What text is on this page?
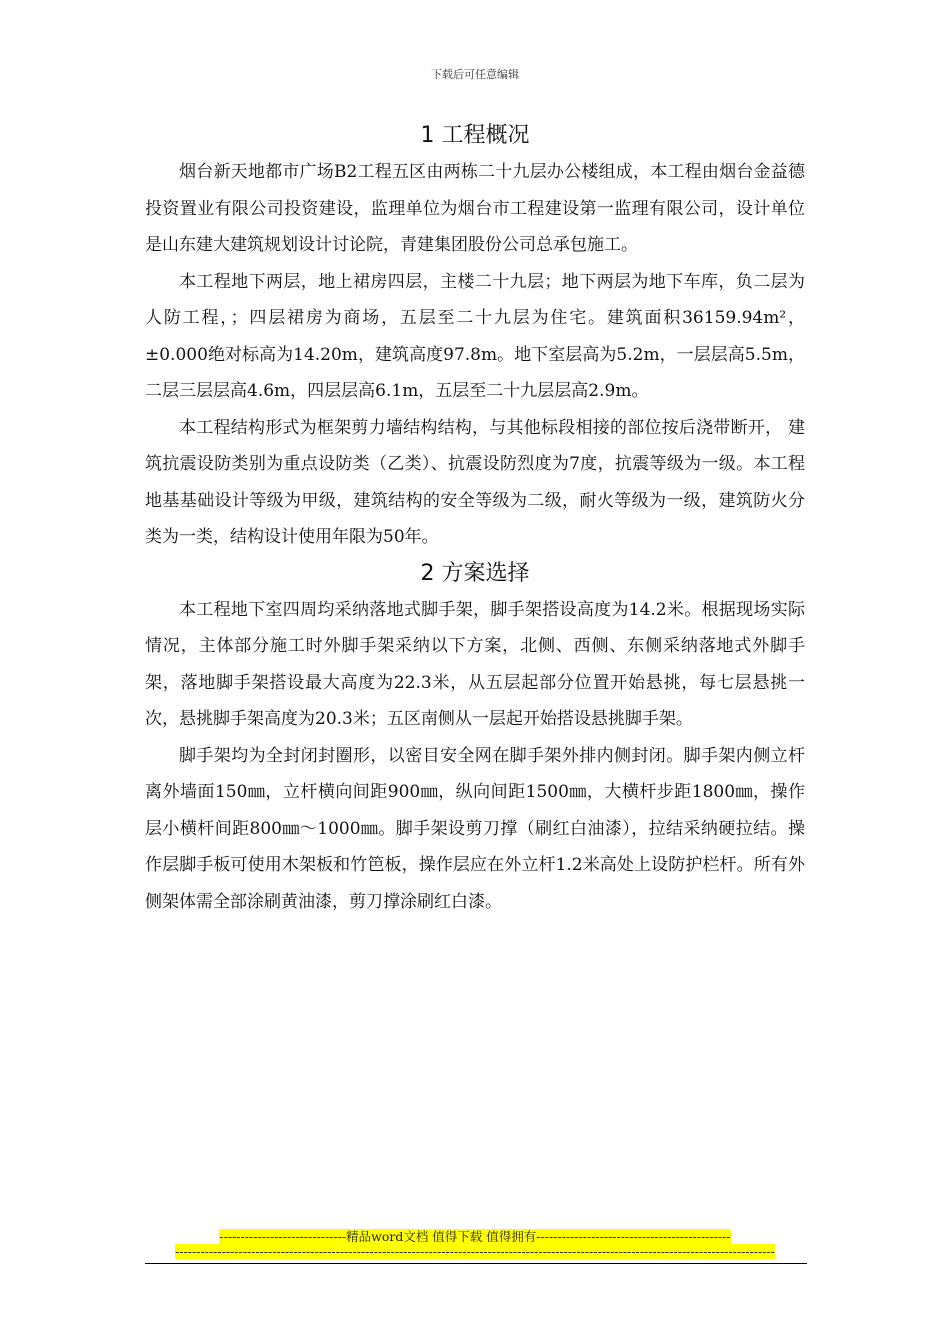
下载后可任意编辑
1 工程概况

烟台新天地都市广场B2工程五区由两栋二十九层办公楼组成，本工程由烟台金益德投资置业有限公司投资建设，监理单位为烟台市工程建设第一监理有限公司，设计单位是山东建大建筑规划设计讨论院，青建集团股份公司总承包施工。

本工程地下两层，地上裙房四层，主楼二十九层；地下两层为地下车库，负二层为人防工程，；四层裙房为商场，五层至二十九层为住宅。建筑面积36159.94m²，±0.000绝对标高为14.20m，建筑高度97.8m。地下室层高为5.2m，一层层高5.5m，二层三层层高4.6m，四层层高6.1m，五层至二十九层层高2.9m。

本工程结构形式为框架剪力墙结构结构，与其他标段相接的部位按后浇带断开， 建筑抗震设防类别为重点设防类（乙类）、抗震设防烈度为7度，抗震等级为一级。本工程地基基础设计等级为甲级，建筑结构的安全等级为二级，耐火等级为一级，建筑防火分类为一类，结构设计使用年限为50年。

2 方案选择

本工程地下室四周均采纳落地式脚手架，脚手架搭设高度为14.2米。根据现场实际情况，主体部分施工时外脚手架采纳以下方案，北侧、西侧、东侧采纳落地式外脚手架，落地脚手架搭设最大高度为22.3米，从五层起部分位置开始悬挑，每七层悬挑一次，悬挑脚手架高度为20.3米；五区南侧从一层起开始搭设悬挑脚手架。

脚手架均为全封闭封圈形，以密目安全网在脚手架外排内侧封闭。脚手架内侧立杆离外墙面150㎜，立杆横向间距900㎜，纵向间距1500㎜，大横杆步距1800㎜，操作层小横杆间距800㎜～1000㎜。脚手架设剪刀撑（刷红白油漆），拉结采纳硬拉结。操作层脚手板可使用木架板和竹笆板，操作层应在外立杆1.2米高处上设防护栏杆。所有外侧架体需全部涂刷黄油漆，剪刀撑涂刷红白漆。

------------------------------精品word文档 值得下载 值得拥有----------------------------------------------
----------------------------------------------------------------------------------------------------------------------------------------------
